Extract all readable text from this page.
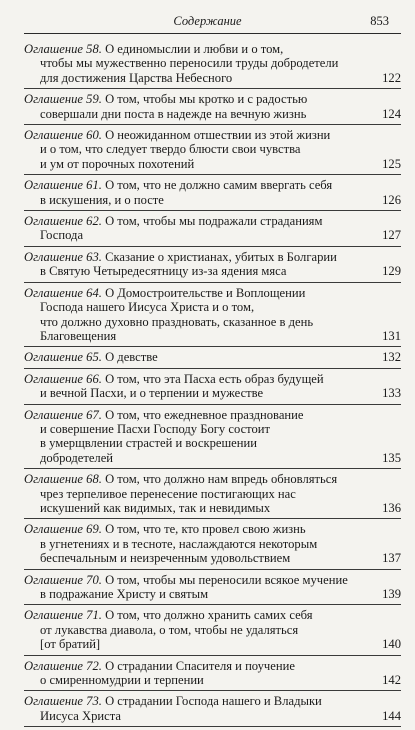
Содержание	853
Оглашение 58. О единомыслии и любви и о том,
чтобы мы мужественно переносили труды добродетели
для достижения Царства Небесного	122
Оглашение 59. О том, чтобы мы кротко и с радостью
совершали дни поста в надежде на вечную жизнь	124
Оглашение 60. О неожиданном отшествии из этой жизни
и о том, что следует твердо блюсти свои чувства
и ум от порочных похотений	125
Оглашение 61. О том, что не должно самим ввергать себя
в искушения, и о посте	126
Оглашение 62. О том, чтобы мы подражали страданиям
Господа	127
Оглашение 63. Сказание о христианах, убитых в Болгарии
в Святую Четыредесятницу из-за ядения мяса	129
Оглашение 64. О Домостроительстве и Воплощении
Господа нашего Иисуса Христа и о том,
что должно духовно праздновать, сказанное в день
Благовещения	131
Оглашение 65. О девстве	132
Оглашение 66. О том, что эта Пасха есть образ будущей
и вечной Пасхи, и о терпении и мужестве	133
Оглашение 67. О том, что ежедневное празднование
и совершение Пасхи Господу Богу состоит
в умерщвлении страстей и воскрешении
добродетелей	135
Оглашение 68. О том, что должно нам впредь обновляться
чрез терпеливое перенесение постигающих нас
искушений как видимых, так и невидимых	136
Оглашение 69. О том, что те, кто провел свою жизнь
в угнетениях и в тесноте, наслаждаются некоторым
беспечальным и неизреченным удовольствием	137
Оглашение 70. О том, чтобы мы переносили всякое мучение
в подражание Христу и святым	139
Оглашение 71. О том, что должно хранить самих себя
от лукавства диавола, о том, чтобы не удаляться
[от братий]	140
Оглашение 72. О страдании Спасителя и поучение
о смиренномудрии и терпении	142
Оглашение 73. О страдании Господа нашего и Владыки
Иисуса Христа	144
